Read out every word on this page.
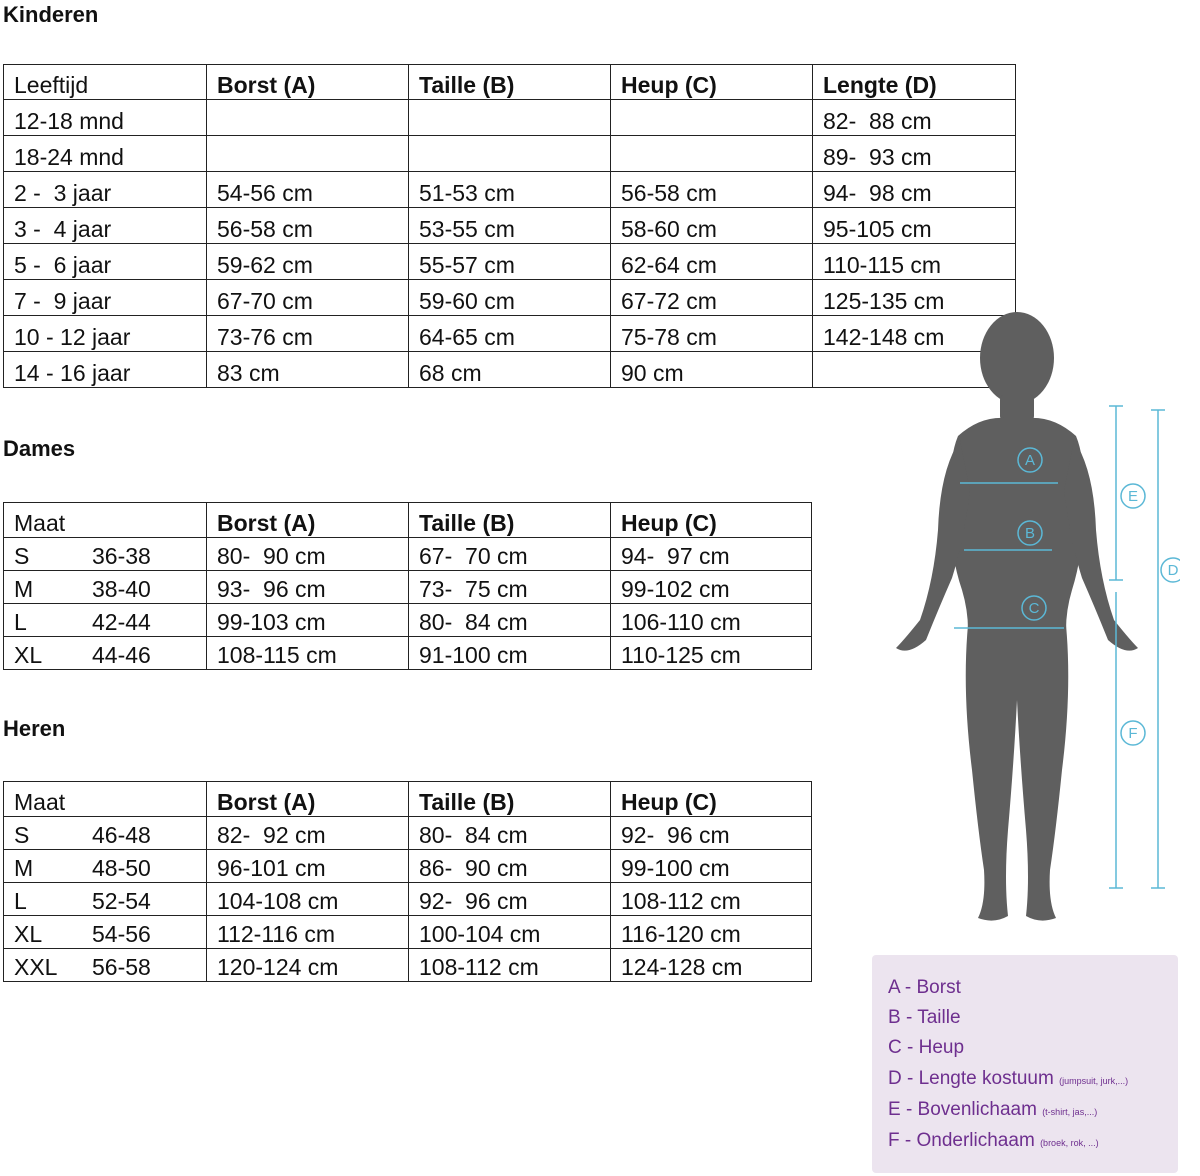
Kinderen
Leeftijd	Borst (A)	Taille (B)	Heup (C)	Lengte (D)
12-18 mnd				82-  88 cm
18-24 mnd				89-  93 cm
2 -  3 jaar	54-56 cm	51-53 cm	56-58 cm	94-  98 cm
3 -  4 jaar	56-58 cm	53-55 cm	58-60 cm	95-105 cm
5 -  6 jaar	59-62 cm	55-57 cm	62-64 cm	110-115 cm
7 -  9 jaar	67-70 cm	59-60 cm	67-72 cm	125-135 cm
10 - 12 jaar	73-76 cm	64-65 cm	75-78 cm	142-148 cm
14 - 16 jaar	83 cm	68 cm	90 cm	
Dames
Maat	Borst (A)	Taille (B)	Heup (C)
S 36-38	80-  90 cm	67-  70 cm	94-  97 cm
M 38-40	93-  96 cm	73-  75 cm	99-102 cm
L 42-44	99-103 cm	80-  84 cm	106-110 cm
XL 44-46	108-115 cm	91-100 cm	110-125 cm
Heren
Maat	Borst (A)	Taille (B)	Heup (C)
S 46-48	82-  92 cm	80-  84 cm	92-  96 cm
M 48-50	96-101 cm	86-  90 cm	99-100 cm
L 52-54	104-108 cm	92-  96 cm	108-112 cm
XL 54-56	112-116 cm	100-104 cm	116-120 cm
XXL 56-58	120-124 cm	108-112 cm	124-128 cm
A
B
C
D
E
F
A - Borst
B - Taille
C - Heup
D - Lengte kostuum (jumpsuit, jurk,...)
E - Bovenlichaam (t-shirt, jas,...)
F - Onderlichaam (broek, rok, ...)
